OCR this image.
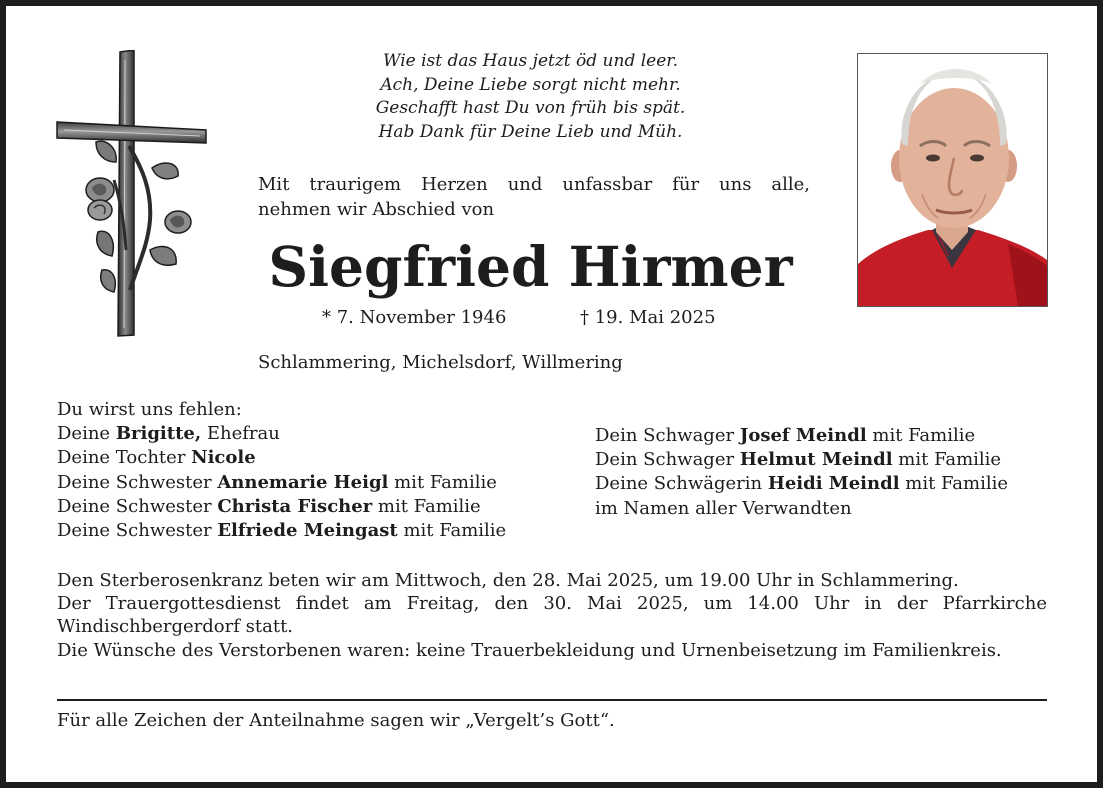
Wie ist das Haus jetzt öd und leer.
Ach, Deine Liebe sorgt nicht mehr.
Geschafft hast Du von früh bis spät.
Hab Dank für Deine Lieb und Müh.
Mit traurigem Herzen und unfassbar für uns alle,
nehmen wir Abschied von
Siegfried Hirmer
* 7. November 1946	† 19. Mai 2025
Schlammering, Michelsdorf, Willmering
Du wirst uns fehlen:
Deine Brigitte, Ehefrau
Deine Tochter Nicole
Deine Schwester Annemarie Heigl mit Familie
Deine Schwester Christa Fischer mit Familie
Deine Schwester Elfriede Meingast mit Familie
Dein Schwager Josef Meindl mit Familie
Dein Schwager Helmut Meindl mit Familie
Deine Schwägerin Heidi Meindl mit Familie
im Namen aller Verwandten

Den Sterberosenkranz beten wir am Mittwoch, den 28. Mai 2025, um 19.00 Uhr in Schlammering.

Der Trauergottesdienst findet am Freitag, den 30. Mai 2025, um 14.00 Uhr in der Pfarrkirche Windischbergerdorf statt.

Die Wünsche des Verstorbenen waren: keine Trauerbekleidung und Urnenbeisetzung im Familienkreis.

Für alle Zeichen der Anteilnahme sagen wir „Vergelt’s Gott“.
